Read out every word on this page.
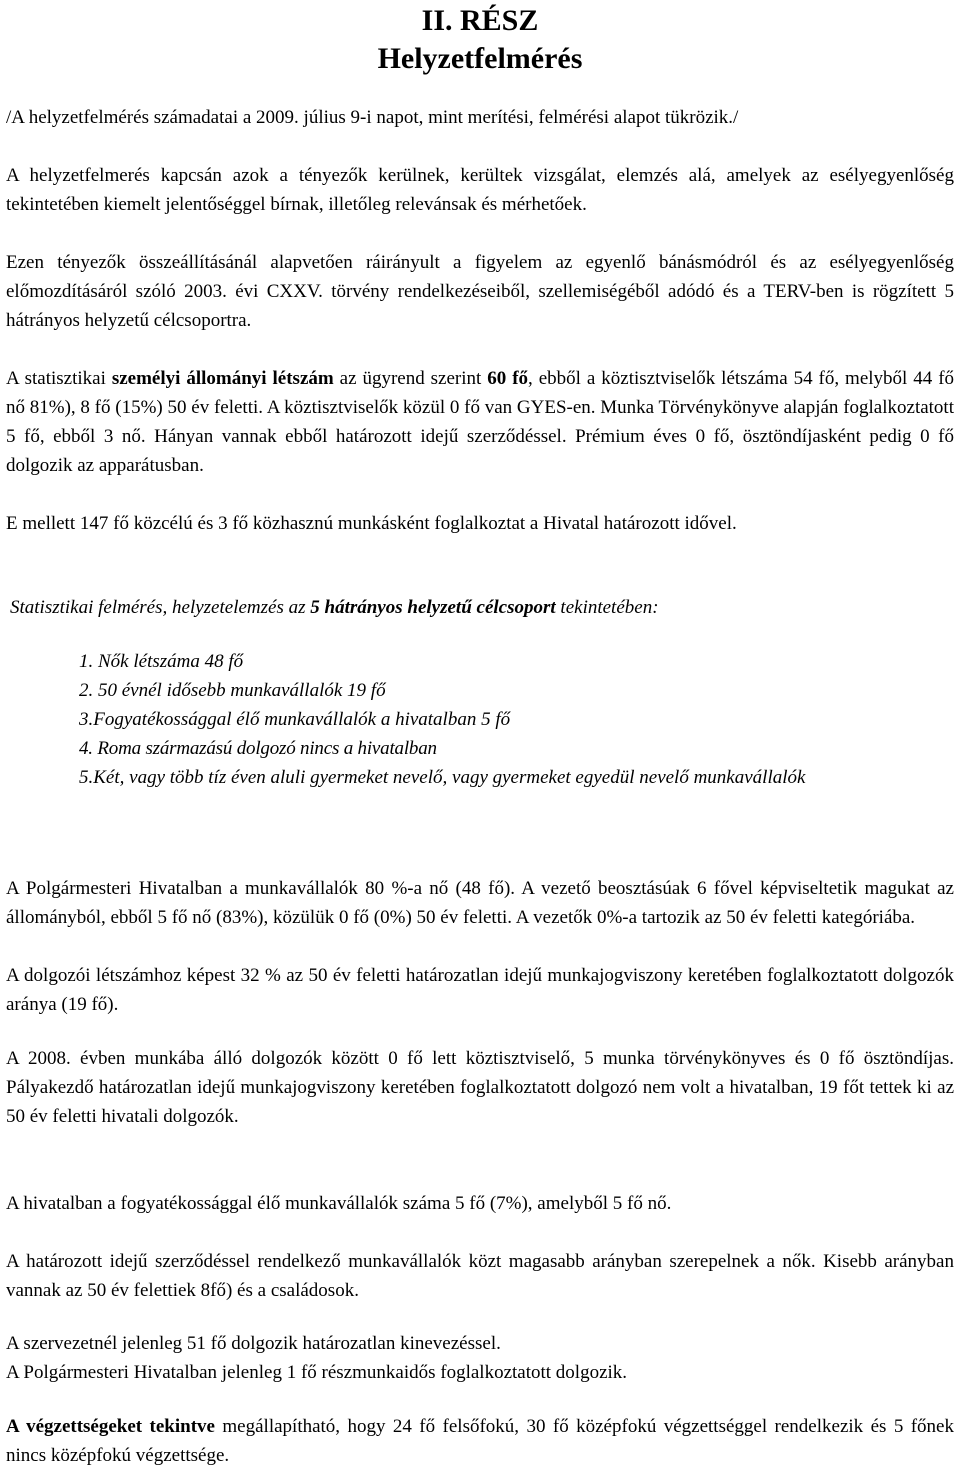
II. RÉSZ
Helyzetfelmérés

/A helyzetfelmérés számadatai a 2009. július 9-i napot, mint merítési, felmérési alapot tükrözik./

A helyzetfelmerés kapcsán azok a tényezők kerülnek, kerültek vizsgálat, elemzés alá, amelyek az esélyegyenlőség tekintetében kiemelt jelentőséggel bírnak, illetőleg relevánsak és mérhetőek.

Ezen tényezők összeállításánál alapvetően ráirányult a figyelem az egyenlő bánásmódról és az esélyegyenlőség előmozdításáról szóló 2003. évi CXXV. törvény rendelkezéseiből, szellemiségéből adódó és a TERV-ben is rögzített 5 hátrányos helyzetű célcsoportra.

A statisztikai személyi állományi létszám az ügyrend szerint 60 fő, ebből a köztisztviselők létszáma 54 fő, melyből 44 fő nő 81%), 8 fő (15%) 50 év feletti. A köztisztviselők közül 0 fő van GYES-en. Munka Törvénykönyve alapján foglalkoztatott 5 fő, ebből 3 nő. Hányan vannak ebből határozott idejű szerződéssel. Prémium éves 0 fő, ösztöndíjasként pedig 0 fő dolgozik az apparátusban.

E mellett 147 fő közcélú és 3 fő közhasznú munkásként foglalkoztat a Hivatal határozott idővel.

Statisztikai felmérés, helyzetelemzés az 5 hátrányos helyzetű célcsoport tekintetében:

1. Nők létszáma 48 fő

2. 50 évnél idősebb munkavállalók 19 fő

3.Fogyatékossággal élő munkavállalók a hivatalban 5 fő

4. Roma származású dolgozó nincs a hivatalban

5.Két, vagy több tíz éven aluli gyermeket nevelő, vagy gyermeket egyedül nevelő munkavállalók

A Polgármesteri Hivatalban a munkavállalók 80 %-a nő (48 fő). A vezető beosztásúak 6 fővel képviseltetik magukat az állományból, ebből 5 fő nő (83%), közülük 0 fő (0%) 50 év feletti. A vezetők 0%-a tartozik az 50 év feletti kategóriába.

A dolgozói létszámhoz képest 32 % az 50 év feletti határozatlan idejű munkajogviszony keretében foglalkoztatott dolgozók aránya (19 fő).

A 2008. évben munkába álló dolgozók között 0 fő lett köztisztviselő, 5 munka törvénykönyves és 0 fő ösztöndíjas. Pályakezdő határozatlan idejű munkajogviszony keretében foglalkoztatott dolgozó nem volt a hivatalban, 19 főt tettek ki az 50 év feletti hivatali dolgozók.

A hivatalban a fogyatékossággal élő munkavállalók száma 5 fő (7%), amelyből 5 fő nő.

A határozott idejű szerződéssel rendelkező munkavállalók közt magasabb arányban szerepelnek a nők. Kisebb arányban vannak az 50 év felettiek 8fő) és a családosok.

A szervezetnél jelenleg 51 fő dolgozik határozatlan kinevezéssel.

A Polgármesteri Hivatalban jelenleg 1 fő részmunkaidős foglalkoztatott dolgozik.

A végzettségeket tekintve megállapítható, hogy 24 fő felsőfokú, 30 fő középfokú végzettséggel rendelkezik és 5 főnek nincs középfokú végzettsége.
